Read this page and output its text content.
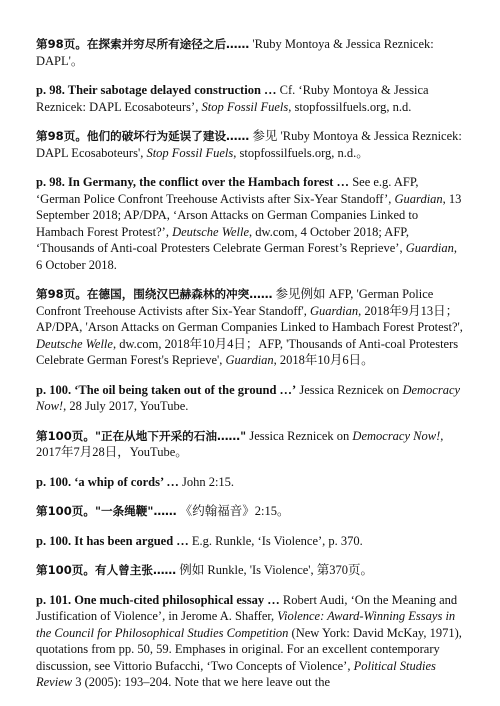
第98页。在探索并穷尽所有途径之后…… 'Ruby Montoya & Jessica Reznicek: DAPL'。

p. 98. Their sabotage delayed construction … Cf. ‘Ruby Montoya & Jessica Reznicek: DAPL Ecosaboteurs’, Stop Fossil Fuels, stopfossilfuels.org, n.d.

第98页。他们的破坏行为延误了建设…… 参见 'Ruby Montoya & Jessica Reznicek: DAPL Ecosaboteurs', Stop Fossil Fuels, stopfossilfuels.org, n.d.。

p. 98. In Germany, the conflict over the Hambach forest … See e.g. AFP, ‘German Police Confront Treehouse Activists after Six-Year Standoff’, Guardian, 13 September 2018; AP/DPA, ‘Arson Attacks on German Companies Linked to Hambach Forest Protest?’, Deutsche Welle, dw.com, 4 October 2018; AFP, ‘Thousands of Anti-coal Protesters Celebrate German Forest’s Reprieve’, Guardian, 6 October 2018.

第98页。在德国，围绕汉巴赫森林的冲突…… 参见例如 AFP, 'German Police Confront Treehouse Activists after Six-Year Standoff', Guardian, 2018年9月13日；AP/DPA, 'Arson Attacks on German Companies Linked to Hambach Forest Protest?', Deutsche Welle, dw.com, 2018年10月4日；AFP, 'Thousands of Anti-coal Protesters Celebrate German Forest's Reprieve', Guardian, 2018年10月6日。

p. 100. ‘The oil being taken out of the ground …’ Jessica Reznicek on Democracy Now!, 28 July 2017, YouTube.

第100页。"正在从地下开采的石油……" Jessica Reznicek on Democracy Now!, 2017年7月28日，YouTube。

p. 100. ‘a whip of cords’ … John 2:15.

第100页。"一条绳鞭"…… 《约翰福音》2:15。

p. 100. It has been argued … E.g. Runkle, ‘Is Violence’, p. 370.

第100页。有人曾主张…… 例如 Runkle, 'Is Violence', 第370页。

p. 101. One much-cited philosophical essay … Robert Audi, ‘On the Meaning and Justification of Violence’, in Jerome A. Shaffer, Violence: Award-Winning Essays in the Council for Philosophical Studies Competition (New York: David McKay, 1971), quotations from pp. 50, 59. Emphases in original. For an excellent contemporary discussion, see Vittorio Bufacchi, ‘Two Concepts of Violence’, Political Studies Review 3 (2005): 193–204. Note that we here leave out the
